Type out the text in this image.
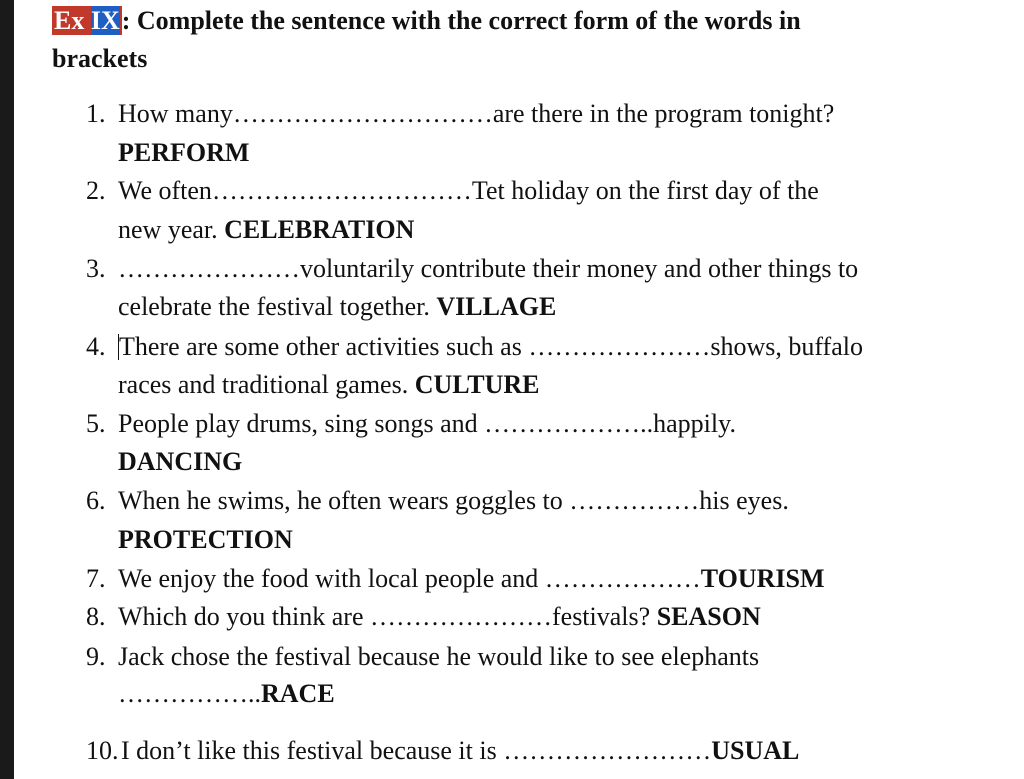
Ex IX: Complete the sentence with the correct form of the words in
brackets
1. How many…………………………are there in the program tonight?
PERFORM
2. We often…………………………Tet holiday on the first day of the
new year. CELEBRATION
3. …………………voluntarily contribute their money and other things to
celebrate the festival together. VILLAGE
4. There are some other activities such as …………………shows, buffalo
races and traditional games. CULTURE
5. People play drums, sing songs and ………………..happily.
DANCING
6. When he swims, he often wears goggles to ……………his eyes.
PROTECTION
7. We enjoy the food with local people and ………………TOURISM
8. Which do you think are …………………festivals? SEASON
9. Jack chose the festival because he would like to see elephants
……………..RACE
10. I don’t like this festival because it is ……………………USUAL
